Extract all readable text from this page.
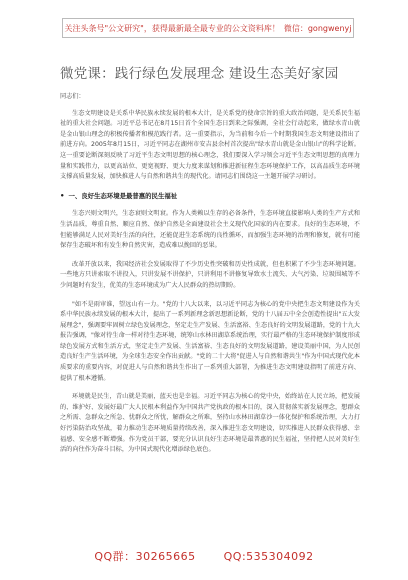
关注头条号"公文研究"，获得最新最全最专业的公文资料库！ 微信：gongwenyj
微党课：践行绿色发展理念 建设生态美好家园

同志们：

生态文明建设是关系中华民族永续发展的根本大计，是关系党的使命宗旨的重大政治问题，是关系民生福祉的重大社会问题。习近平总书记在8月15日首个全国生态日到来之际强调，全社会行动起来，做绿水青山就是金山银山理念的积极传播者和模范践行者。这一重要指示，为当前和今后一个时期我国生态文明建设指出了前进方向。2005年8月15日，习近平同志在湖州市安吉县余村首次提出"绿水青山就是金山银山"的科学论断。这一重要论断深刻反映了习近平生态文明思想的核心理念，我们要深入学习领会习近平生态文明思想的真理力量和实践伟力，以更高站位、更宽视野、更大力度来谋划和推进新征程生态环境保护工作，以高品质生态环境支撑高质量发展，加快推进人与自然和谐共生的现代化。请同志们围绕这一主题开展学习研讨。

• 一、良好生态环境是最普惠的民生福祉

生态兴则文明兴，生态衰则文明衰。作为人类赖以生存的必备条件，生态环境直接影响人类的生产方式和生活品质，尊重自然、顺应自然、保护自然是全面建设社会主义现代化国家的内在要求。良好的生态环境，不但能够满足人民对美好生活的向往，还能促进生态系统的良性循环，而加强生态环境的治理和修复，就有可能保存生态破坏和有发生种自然灾害，造成难以挽回的恶果。

改革开放以来，我国经济社会发展取得了不少历史性突破和历史性成就，但也积累了不少生态环境问题。一些地方只讲索取不讲投入，只讲发展不讲保护，只讲利用不讲修复导致水土流失、大气污染、垃圾围城等不少问题时有发生，优美的生态环境成为广大人民群众的热切期盼。

"如不是雨审谁，望远山有一力。"党的十八大以来，以习近平同志为核心的党中央把生态文明建设作为关系中华民族永续发展的根本大计，提出了一系列新理念新思想新论断，党的十八届五中全会创造性提出"五大发展理念"，强调要牢固树立绿色发展理念，坚定走生产发展、生活富裕、生态良好的文明发展道路，党的十九大报告强调，"像对待生命一样对待生态环境，统筹山水林田湖草系统治理，实行最严格的生态环境保护制度形成绿色发展方式和生活方式，坚定走生产发展、生活富裕、生态良好的文明发展道路，建设美丽中国，为人民创造良好生产生活环境，为全球生态安全作出贡献。"党的二十大将"促进人与自然和谐共生"作为中国式现代化本质要求的重要内容，对促进人与自然和谐共生作出了一系列重大部署，为推进生态文明建设指明了前进方向、提供了根本遵循。

环境就是民生，青山就是美丽，蓝天也是幸福。习近平同志为核心的党中央，始终站在人民立场，把发展的、维护好、发展好最广大人民根本利益作为中国共产党执政的根本目的，深入贯彻落实新发展理念，想群众之所需、急群众之所急、忧群众之所忧，解群众之所难，坚持山水林田湖草沙一体化保护和系统治理，大力打好污染防治攻坚战，着力推动生态环境质量持续改善，深入推进生态文明建设，切实推进人民群众获得感、幸福感、安全感不断增强。作为党员干部，要充分认识良好生态环境是最普惠的民生福祉，坚持把人民对美好生活的向往作为奋斗目标，为中国式现代化增添绿色底色。

QQ群：30265665	QQ:535304092
